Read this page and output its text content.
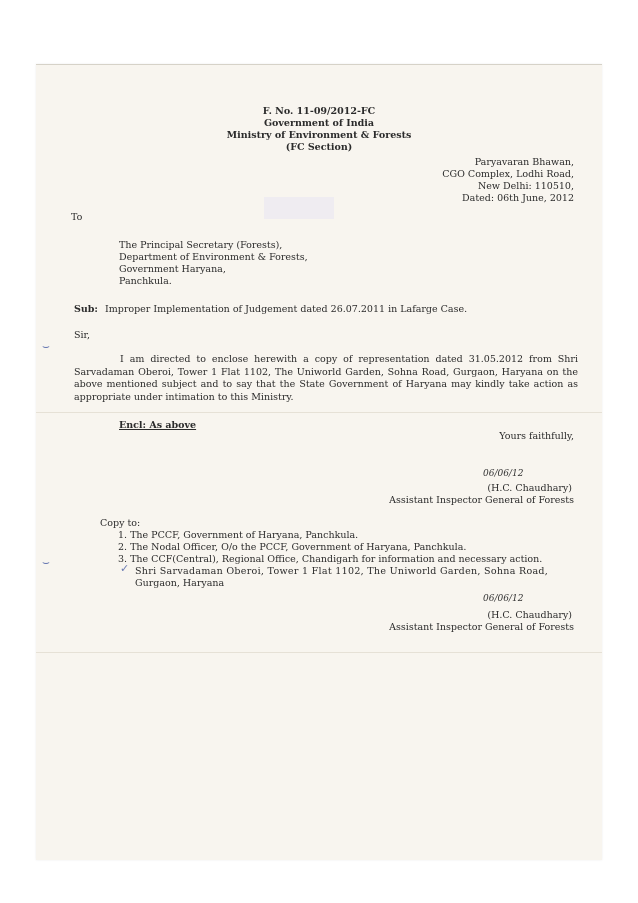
F. No. 11-09/2012-FC
Government of India
Ministry of Environment & Forests
(FC Section)
Paryavaran Bhawan,
CGO Complex, Lodhi Road,
New Delhi: 110510,
Dated: 06th June, 2012
To
The Principal Secretary (Forests),
Department of Environment & Forests,
Government Haryana,
Panchkula.
Sub: Improper Implementation of Judgement dated 26.07.2011 in Lafarge Case.
Sir,
⌣
I am directed to enclose herewith a copy of representation dated 31.05.2012 from Shri Sarvadaman Oberoi, Tower 1 Flat 1102, The Uniworld Garden, Sohna Road, Gurgaon, Haryana on the above mentioned subject and to say that the State Government of Haryana may kindly take action as appropriate under intimation to this Ministry.
Encl: As above
Yours faithfully,
06/06/12
(H.C. Chaudhary)
Assistant Inspector General of Forests
Copy to:
1. The PCCF, Government of Haryana, Panchkula.
2. The Nodal Officer, O/o the PCCF, Government of Haryana, Panchkula.
3. The CCF(Central), Regional Office, Chandigarh for information and necessary action.
✓ Shri Sarvadaman Oberoi, Tower 1 Flat 1102, The Uniworld Garden, Sohna Road,
Gurgaon, Haryana
⌣
06/06/12
(H.C. Chaudhary)
Assistant Inspector General of Forests
